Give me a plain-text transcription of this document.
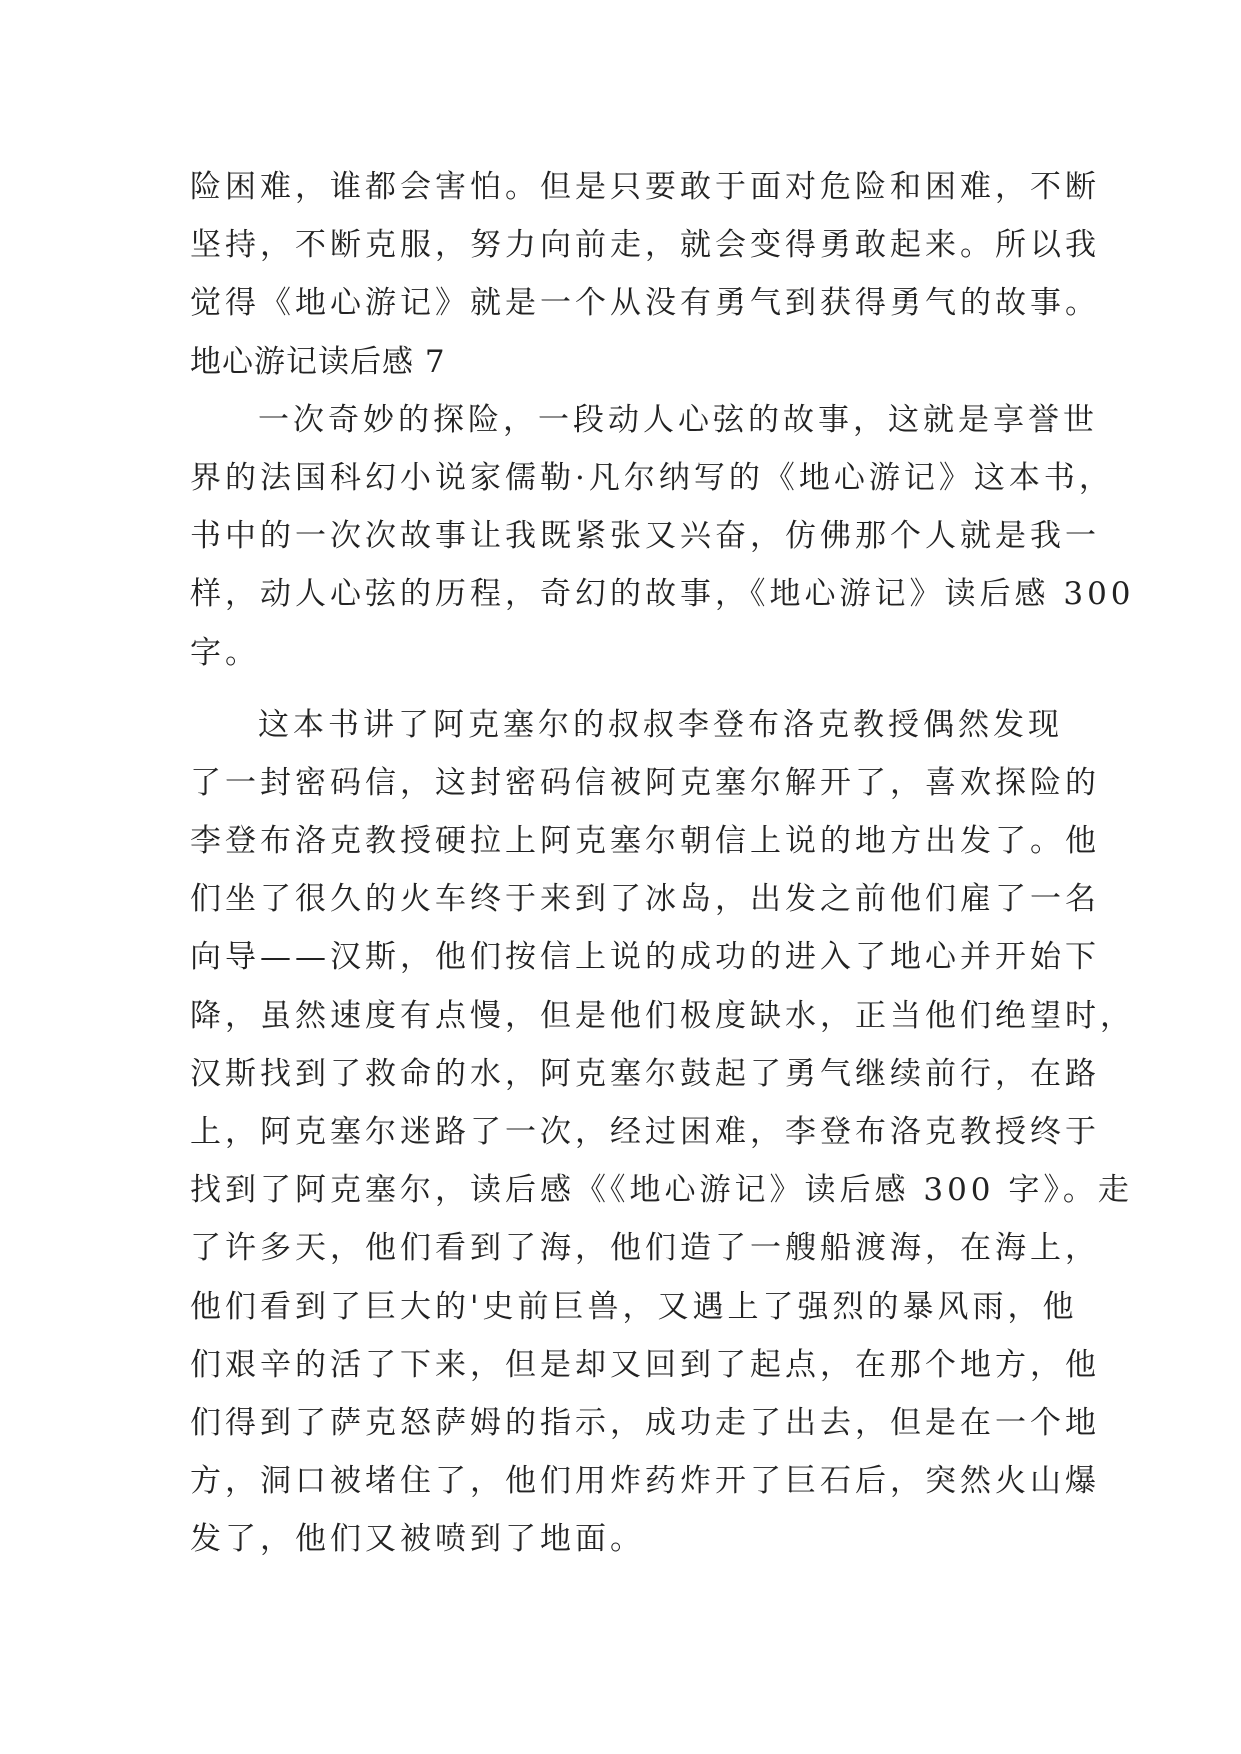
险困难，谁都会害怕。但是只要敢于面对危险和困难，不断
坚持，不断克服，努力向前走，就会变得勇敢起来。所以我
觉得《地心游记》就是一个从没有勇气到获得勇气的故事。
地心游记读后感 7
一次奇妙的探险，一段动人心弦的故事，这就是享誉世
界的法国科幻小说家儒勒·凡尔纳写的《地心游记》这本书，
书中的一次次故事让我既紧张又兴奋，仿佛那个人就是我一
样，动人心弦的历程，奇幻的故事，《地心游记》读后感 300
字。
这本书讲了阿克塞尔的叔叔李登布洛克教授偶然发现
了一封密码信，这封密码信被阿克塞尔解开了，喜欢探险的
李登布洛克教授硬拉上阿克塞尔朝信上说的地方出发了。他
们坐了很久的火车终于来到了冰岛，出发之前他们雇了一名
向导——汉斯，他们按信上说的成功的进入了地心并开始下
降，虽然速度有点慢，但是他们极度缺水，正当他们绝望时，
汉斯找到了救命的水，阿克塞尔鼓起了勇气继续前行，在路
上，阿克塞尔迷路了一次，经过困难，李登布洛克教授终于
找到了阿克塞尔，读后感《《地心游记》读后感 300 字》。走
了许多天，他们看到了海，他们造了一艘船渡海，在海上，
他们看到了巨大的'史前巨兽，又遇上了强烈的暴风雨，他
们艰辛的活了下来，但是却又回到了起点，在那个地方，他
们得到了萨克怒萨姆的指示，成功走了出去，但是在一个地
方，洞口被堵住了，他们用炸药炸开了巨石后，突然火山爆
发了，他们又被喷到了地面。
